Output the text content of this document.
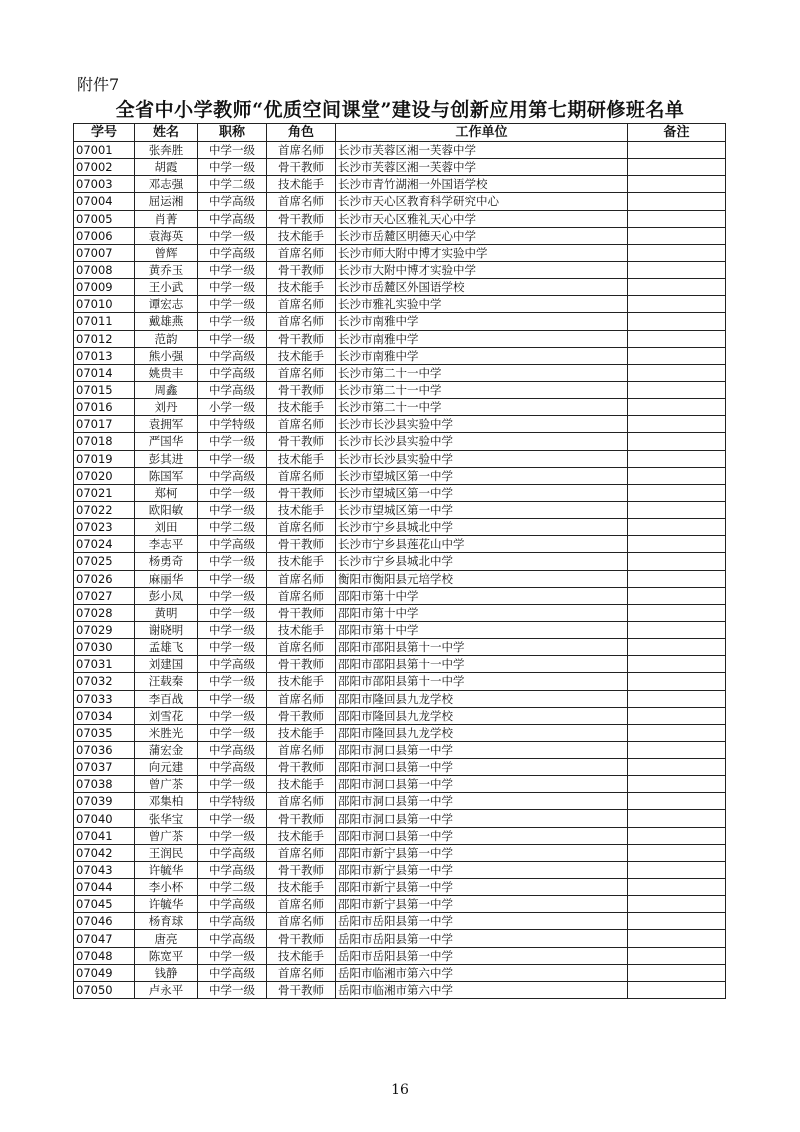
附件7
全省中小学教师“优质空间课堂”建设与创新应用第七期研修班名单
学号	姓名	职称	角色	工作单位	备注
07001	张奔胜	中学一级	首席名师	长沙市芙蓉区湘一芙蓉中学	
07002	胡霞	中学一级	骨干教师	长沙市芙蓉区湘一芙蓉中学	
07003	邓志强	中学二级	技术能手	长沙市青竹湖湘一外国语学校	
07004	屈运湘	中学高级	首席名师	长沙市天心区教育科学研究中心	
07005	肖菁	中学高级	骨干教师	长沙市天心区雅礼天心中学	
07006	袁海英	中学一级	技术能手	长沙市岳麓区明德天心中学	
07007	曾辉	中学高级	首席名师	长沙市师大附中博才实验中学	
07008	黄乔玉	中学一级	骨干教师	长沙市大附中博才实验中学	
07009	王小武	中学一级	技术能手	长沙市岳麓区外国语学校	
07010	谭宏志	中学一级	首席名师	长沙市雅礼实验中学	
07011	戴雄燕	中学一级	首席名师	长沙市南雅中学	
07012	范韵	中学一级	骨干教师	长沙市南雅中学	
07013	熊小强	中学高级	技术能手	长沙市南雅中学	
07014	姚贵丰	中学高级	首席名师	长沙市第二十一中学	
07015	周鑫	中学高级	骨干教师	长沙市第二十一中学	
07016	刘丹	小学一级	技术能手	长沙市第二十一中学	
07017	袁拥军	中学特级	首席名师	长沙市长沙县实验中学	
07018	严国华	中学一级	骨干教师	长沙市长沙县实验中学	
07019	彭其进	中学一级	技术能手	长沙市长沙县实验中学	
07020	陈国军	中学高级	首席名师	长沙市望城区第一中学	
07021	郑柯	中学一级	骨干教师	长沙市望城区第一中学	
07022	欧阳敏	中学一级	技术能手	长沙市望城区第一中学	
07023	刘田	中学二级	首席名师	长沙市宁乡县城北中学	
07024	李志平	中学高级	骨干教师	长沙市宁乡县莲花山中学	
07025	杨勇奇	中学一级	技术能手	长沙市宁乡县城北中学	
07026	麻丽华	中学一级	首席名师	衡阳市衡阳县元培学校	
07027	彭小凤	中学一级	首席名师	邵阳市第十中学	
07028	黄明	中学一级	骨干教师	邵阳市第十中学	
07029	谢晓明	中学一级	技术能手	邵阳市第十中学	
07030	孟雄飞	中学一级	首席名师	邵阳市邵阳县第十一中学	
07031	刘建国	中学高级	骨干教师	邵阳市邵阳县第十一中学	
07032	汪载秦	中学一级	技术能手	邵阳市邵阳县第十一中学	
07033	李百战	中学一级	首席名师	邵阳市隆回县九龙学校	
07034	刘雪花	中学一级	骨干教师	邵阳市隆回县九龙学校	
07035	米胜光	中学一级	技术能手	邵阳市隆回县九龙学校	
07036	蒲宏金	中学高级	首席名师	邵阳市洞口县第一中学	
07037	向元建	中学高级	骨干教师	邵阳市洞口县第一中学	
07038	曾广茶	中学一级	技术能手	邵阳市洞口县第一中学	
07039	邓集柏	中学特级	首席名师	邵阳市洞口县第一中学	
07040	张华宝	中学一级	骨干教师	邵阳市洞口县第一中学	
07041	曾广茶	中学一级	技术能手	邵阳市洞口县第一中学	
07042	王润民	中学高级	首席名师	邵阳市新宁县第一中学	
07043	许毓华	中学高级	骨干教师	邵阳市新宁县第一中学	
07044	李小杯	中学二级	技术能手	邵阳市新宁县第一中学	
07045	许毓华	中学高级	首席名师	邵阳市新宁县第一中学	
07046	杨育球	中学高级	首席名师	岳阳市岳阳县第一中学	
07047	唐亮	中学高级	骨干教师	岳阳市岳阳县第一中学	
07048	陈宽平	中学一级	技术能手	岳阳市岳阳县第一中学	
07049	钱静	中学高级	首席名师	岳阳市临湘市第六中学	
07050	卢永平	中学一级	骨干教师	岳阳市临湘市第六中学	
16
